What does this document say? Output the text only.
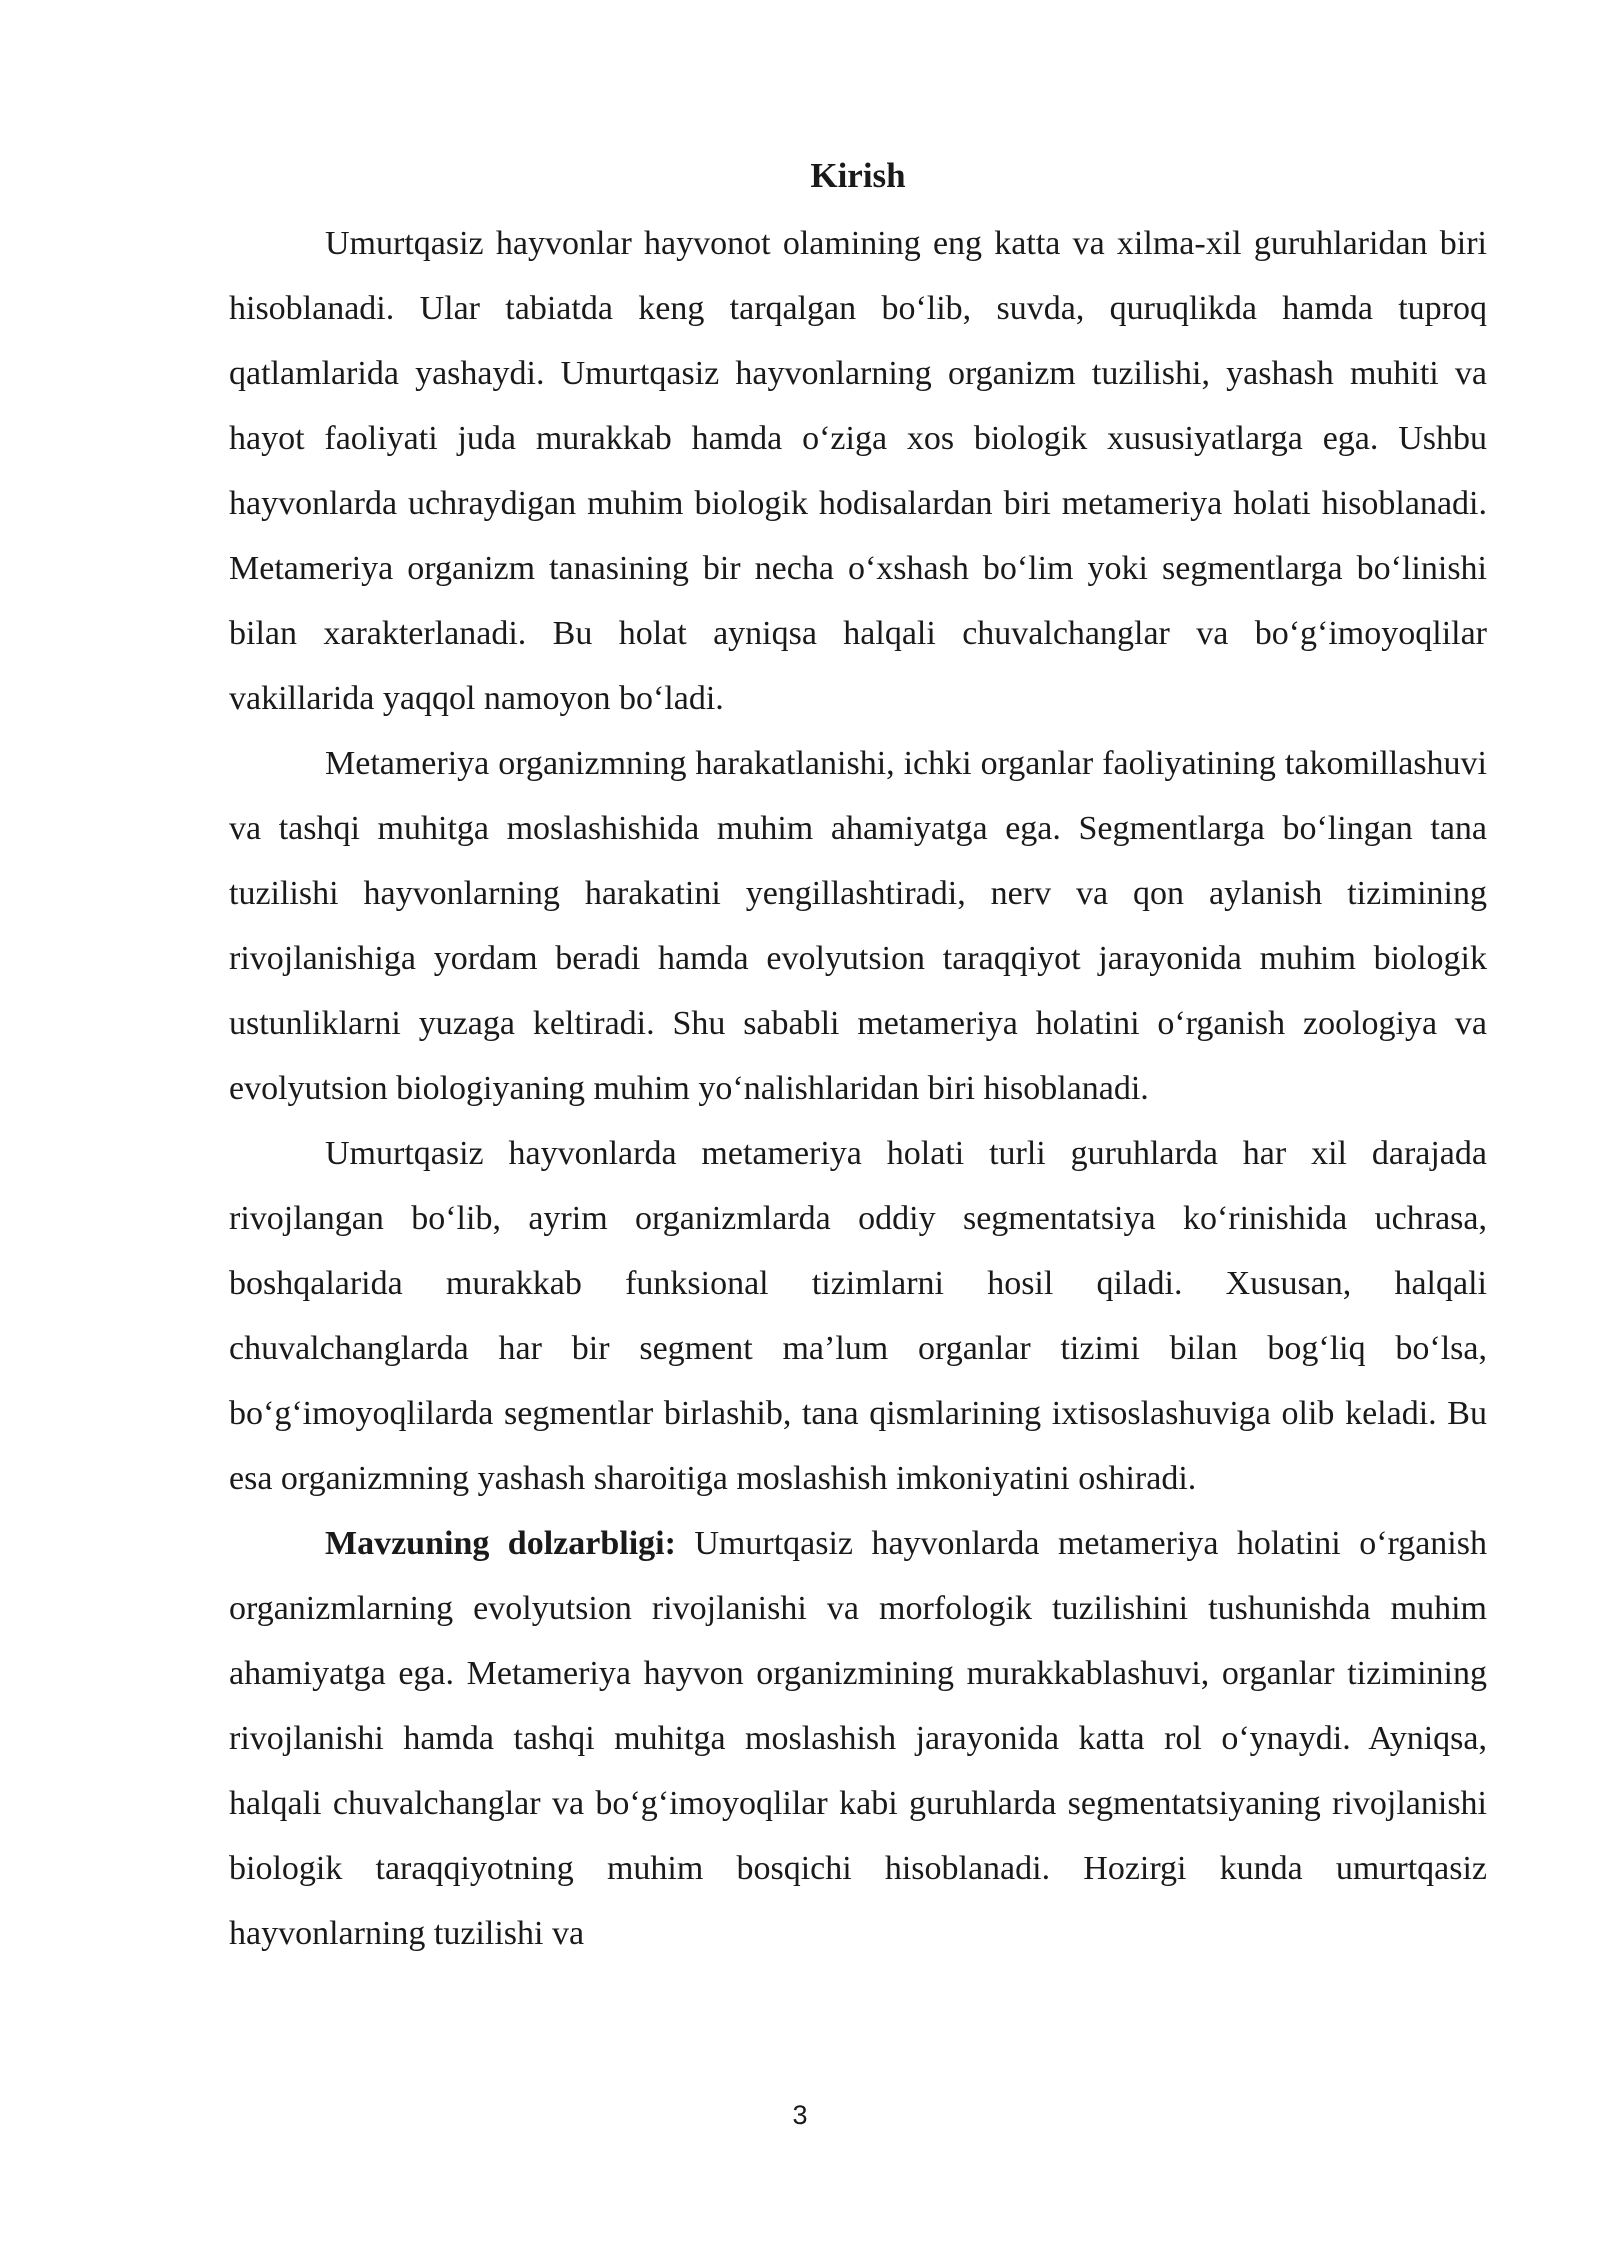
Kirish

Umurtqasiz hayvonlar hayvonot olamining eng katta va xilma-xil guruhlaridan biri hisoblanadi. Ular tabiatda keng tarqalgan bo‘lib, suvda, quruqlikda hamda tuproq qatlamlarida yashaydi. Umurtqasiz hayvonlarning organizm tuzilishi, yashash muhiti va hayot faoliyati juda murakkab hamda o‘ziga xos biologik xususiyatlarga ega. Ushbu hayvonlarda uchraydigan muhim biologik hodisalardan biri metameriya holati hisoblanadi. Metameriya organizm tanasining bir necha o‘xshash bo‘lim yoki segmentlarga bo‘linishi bilan xarakterlanadi. Bu holat ayniqsa halqali chuvalchanglar va bo‘g‘imoyoqlilar vakillarida yaqqol namoyon bo‘ladi.

Metameriya organizmning harakatlanishi, ichki organlar faoliyatining takomillashuvi va tashqi muhitga moslashishida muhim ahamiyatga ega. Segmentlarga bo‘lingan tana tuzilishi hayvonlarning harakatini yengillashtiradi, nerv va qon aylanish tizimining rivojlanishiga yordam beradi hamda evolyutsion taraqqiyot jarayonida muhim biologik ustunliklarni yuzaga keltiradi. Shu sababli metameriya holatini o‘rganish zoologiya va evolyutsion biologiyaning muhim yo‘nalishlaridan biri hisoblanadi.

Umurtqasiz hayvonlarda metameriya holati turli guruhlarda har xil darajada rivojlangan bo‘lib, ayrim organizmlarda oddiy segmentatsiya ko‘rinishida uchrasa, boshqalarida murakkab funksional tizimlarni hosil qiladi. Xususan, halqali chuvalchanglarda har bir segment ma’lum organlar tizimi bilan bog‘liq bo‘lsa, bo‘g‘imoyoqlilarda segmentlar birlashib, tana qismlarining ixtisoslashuviga olib keladi. Bu esa organizmning yashash sharoitiga moslashish imkoniyatini oshiradi.

Mavzuning dolzarbligi: Umurtqasiz hayvonlarda metameriya holatini o‘rganish organizmlarning evolyutsion rivojlanishi va morfologik tuzilishini tushunishda muhim ahamiyatga ega. Metameriya hayvon organizmining murakkablashuvi, organlar tizimining rivojlanishi hamda tashqi muhitga moslashish jarayonida katta rol o‘ynaydi. Ayniqsa, halqali chuvalchanglar va bo‘g‘imoyoqlilar kabi guruhlarda segmentatsiyaning rivojlanishi biologik taraqqiyotning muhim bosqichi hisoblanadi. Hozirgi kunda umurtqasiz hayvonlarning tuzilishi va

3
